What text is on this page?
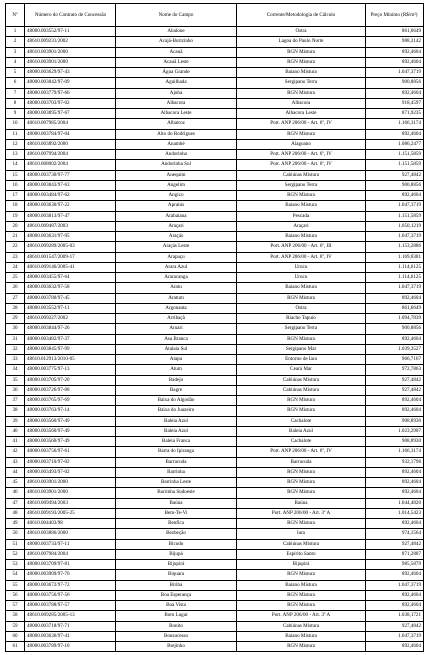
Nº	Número do Contrato de Concessão	Nome do Campo	Corrente/Metodologia de Cálculo	Preço Mínimo (R$/m³)
1	48000.003552/97-11	Abalone	Ostra	861,6649
2	48610.009231/2002	Acajá-Burizinho	Lagoa do Paulo Norte	988,3142
3	48610.003901/2000	Acauã	RGN Mistura	892,4604
4	48610.003901/2000	Acauã Leste	RGN Mistura	892,4604
5	48000.003629/97-43	Água Grande	Baiano Mistura	1.047,3719
6	48000.003842/97-09	Aguilhada	Sergipano Terra	900,8856
7	48000.003779/97-66	Ajuba	RGN Mistura	892,4604
8	48000.003703/97-02	Albacora	Albacora	918,4597
9	48000.003895/97-67	Albacora Leste	Albacora Leste	871,9235
10	48610.007985/2004	Albatroz	Port. ANP 206/00 - Art. 6º, IV	1.166,3174
11	48000.003784/97-04	Alto do Rodrigues	RGN Mistura	892,4604
12	48610.003892/2000	Anambé	Alagoano	1.086,2477
13	48610.007994/2004	Andorinha	Port. ANP 206/00 - Art. 6º, IV	1.151,5859
14	48610.008002/2004	Andorinha Sul	Port. ANP 206/00 - Art. 6º, IV	1.151,5859
15	48000.003730/97-77	Anequim	Cabiúnas Mistura	927,4842
16	48000.003843/97-63	Angelim	Sergipano Terra	900,8856
17	48000.003484/97-62	Angico	RGN Mistura	892,4604
18	48000.003630/97-22	Apraiús	Baiano Mistura	1.047,3719
19	48000.003813/97-47	Arabaiana	Pescada	1.151,5859
20	48610.009487/2003	Araçari	Araçari	1.050,1219
21	48000.003631/97-95	Araçás	Baiano Mistura	1.047,3719
22	48610.009289/2005-03	Araçás Leste	Port. ANP 206/00 - Art. 6º, III	1.153,2886
23	48610.001547/2009-17	Arapaçu	Port. ANP 206/00 - Art. 6º, IV	1.169,8381
24	48610.009146/2005-41	Arara Azul	Urucu	1.114,6125
25	48000.003455/97-64	Araracanga	Urucu	1.114,6125
26	48000.003632/97-58	Aratu	Baiano Mistura	1.047,3719
27	48000.003780/97-45	Aratum	RGN Mistura	892,4604
28	48000.003552/97-11	Argonauta	Ostra	861,6649
29	48610.009227/2002	Arribaçã	Riacho Tapuio	1.094,7839
30	48000.003844/97-26	Aruari	Sergipano Terra	900,8856
31	48000.003482/97-37	Asa Branca	RGN Mistura	892,4604
32	48000.003845/97-99	Atalaia Sul	Sergipano Mar	1.039,3527
33	48610.012913/2010-05	Atapu	Entorno de Iara	966,7167
34	48000.003775/97-13	Atum	Ceará Mar	972,7863
35	48000.003705/97-20	Badejo	Cabiúnas Mistura	927,4842
36	48000.003726/97-08	Bagre	Cabiúnas Mistura	927,4842
37	48000.003765/97-69	Baixa do Algodão	RGN Mistura	892,4604
38	48000.003763/97-14	Baixa do Juazeiro	RGN Mistura	892,4604
39	48000.003560/97-49	Baleia Azul	Cachalote	908,8930
40	48000.003560/97-49	Baleia Azul	Baleia Azul	1.023,2907
41	48000.003560/97-49	Baleia Franca	Cachalote	908,8930
42	48000.003756/97-61	Barra do Ipiranga	Port. ANP 206/00 - Art. 6º, IV	1.166,3174
43	48000.003710/97-02	Barracuda	Barracuda	932,1798
44	48000.003493/97-02	Barrinha	RGN Mistura	892,4604
45	48610.003901/2000	Barrinha Leste	RGN Mistura	892,4604
46	48610.003901/2000	Barrinha Sudoeste	RGN Mistura	892,4604
47	48610.009494/2003	Baúna	Baúna	1.044,4820
48	48610.009193/2005-25	Bem-Te-Vi	Port. ANP 206/00 - Art. 3º A	1.014,5423
49	48610.004403/98	Benfica	RGN Mistura	892,4604
50	48610.003886/2000	Bezbeção	Iara	974,1564
51	48000.003733/97-11	Bicudo	Cabiúnas Mistura	927,4842
52	48610.007984/2004	Bijupá	Espírito Santo	871,2887
53	48000.003709/97-81	Bijupirá	Bijupirá	985,5879
54	48000.003909/97-70	Biquara	RGN Mistura	892,4604
55	48000.003672/97-72	Biriba	Baiano Mistura	1.047,3719
56	48000.003756/97-56	Boa Esperança	RGN Mistura	892,4604
57	48000.003788/97-57	Boa Vista	RGN Mistura	892,4604
58	48610.009285/2005-13	Bom Lugar	Port. ANP 206/00 - Art. 3º A	1.038,1721
59	48000.003718/97-71	Bonito	Cabiúnas Mistura	927,4842
60	48000.003636/97-41	Bonsucesso	Baiano Mistura	1.047,3719
61	48000.003789/97-10	Brejinho	RGN Mistura	892,4604
